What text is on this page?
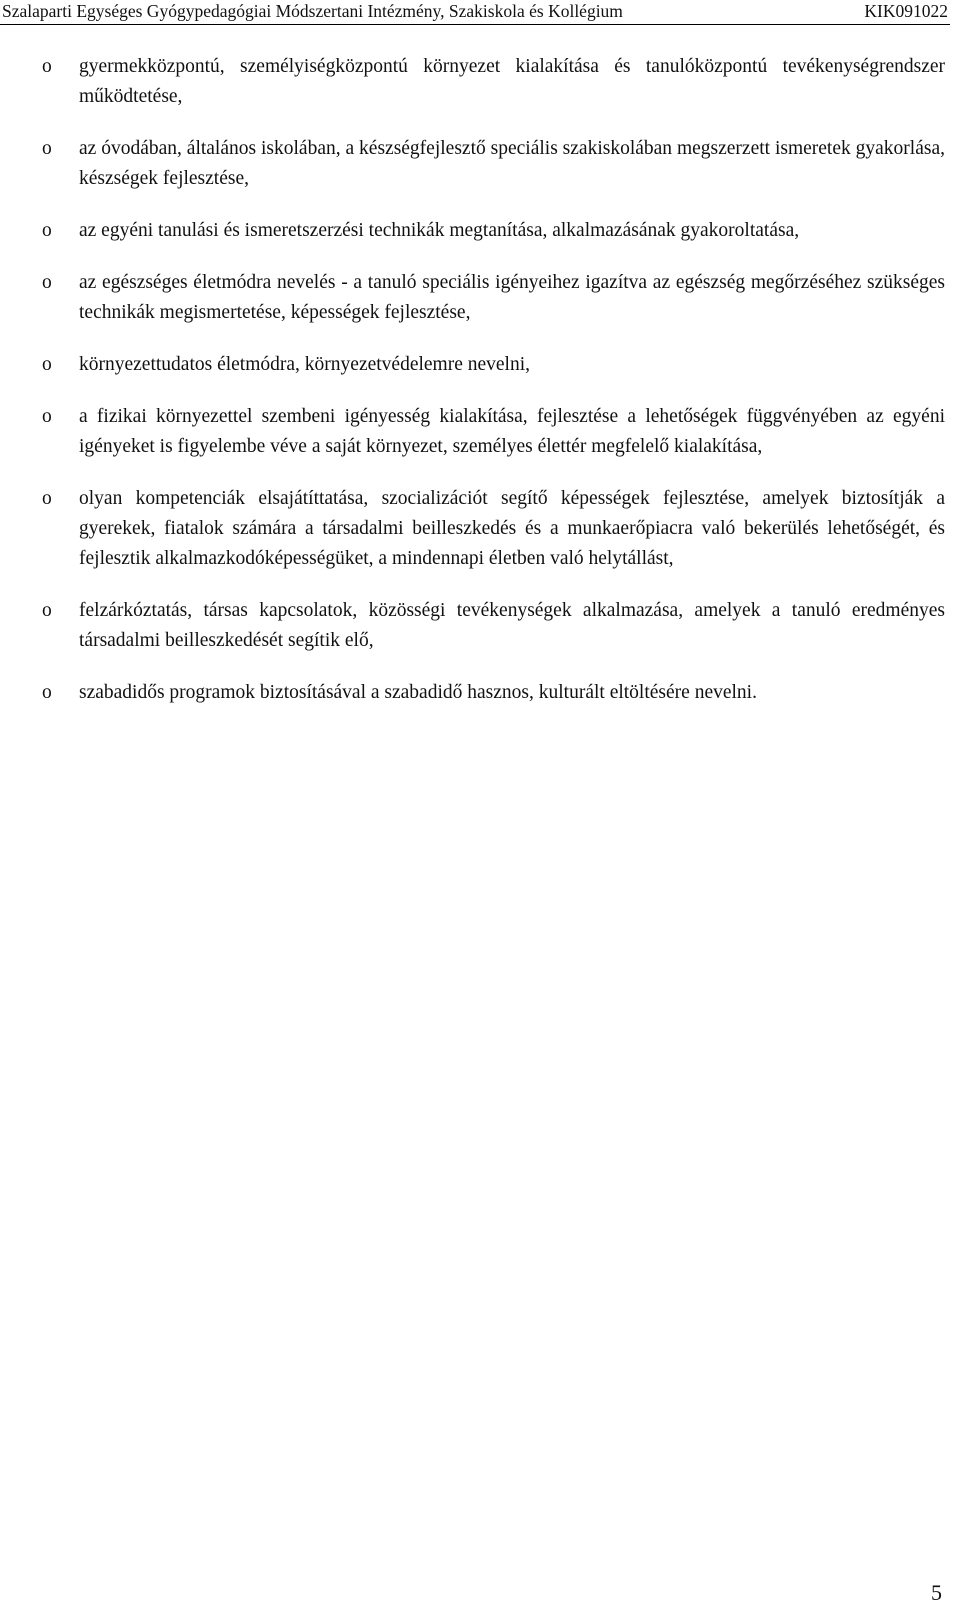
Szalaparti Egységes Gyógypedagógiai Módszertani Intézmény, Szakiskola és Kollégium	KIK091022
o	gyermekközpontú, személyiségközpontú környezet kialakítása és tanulóközpontú tevékenységrendszer működtetése,
o	az óvodában, általános iskolában, a készségfejlesztő speciális szakiskolában megszerzett ismeretek gyakorlása, készségek fejlesztése,
o	az egyéni tanulási és ismeretszerzési technikák megtanítása, alkalmazásának gyakoroltatása,
o	az egészséges életmódra nevelés - a tanuló speciális igényeihez igazítva az egészség megőrzéséhez szükséges technikák megismertetése, képességek fejlesztése,
o	környezettudatos életmódra, környezetvédelemre nevelni,
o	a fizikai környezettel szembeni igényesség kialakítása, fejlesztése a lehetőségek függvényében az egyéni igényeket is figyelembe véve a saját környezet, személyes élettér megfelelő kialakítása,
o	olyan kompetenciák elsajátíttatása, szocializációt segítő képességek fejlesztése, amelyek biztosítják a gyerekek, fiatalok számára a társadalmi beilleszkedés és a munkaerőpiacra való bekerülés lehetőségét, és fejlesztik alkalmazkodóképességüket, a mindennapi életben való helytállást,
o	felzárkóztatás, társas kapcsolatok, közösségi tevékenységek alkalmazása, amelyek a tanuló eredményes társadalmi beilleszkedését segítik elő,
o	szabadidős programok biztosításával a szabadidő hasznos, kulturált eltöltésére nevelni.
5
